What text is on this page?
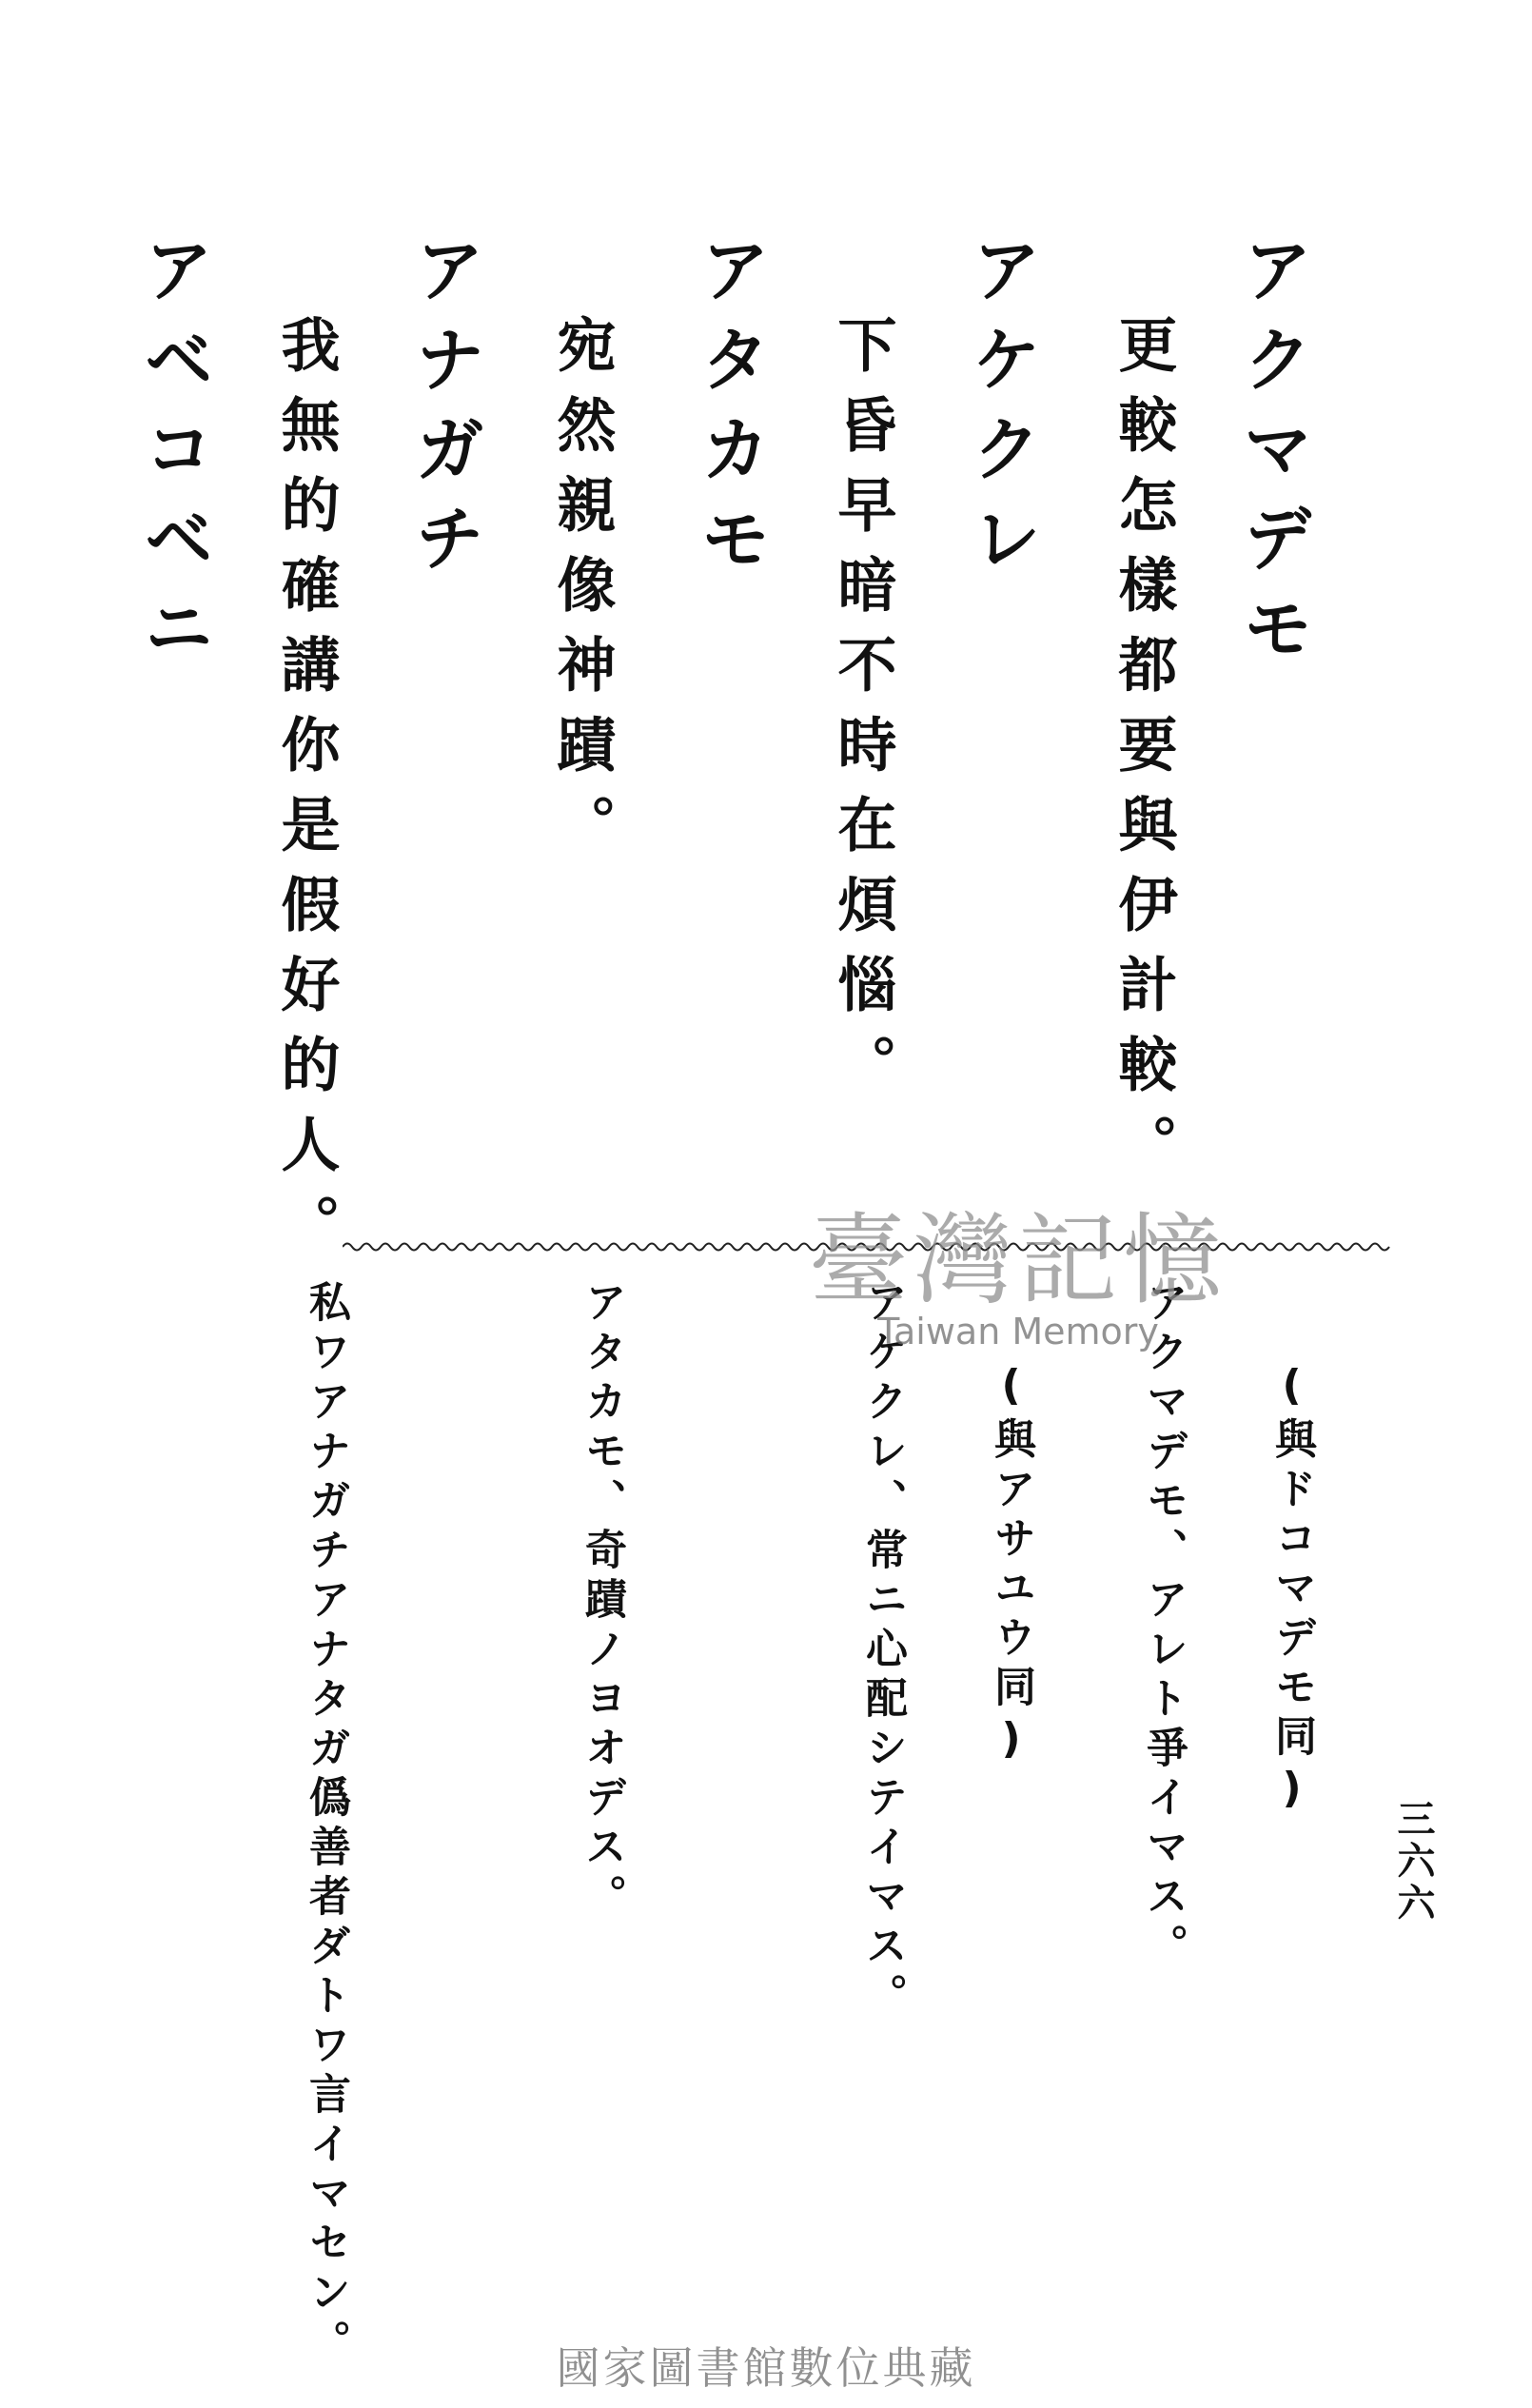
アクマデモ
更較怎樣都要與伊計較。
アケクレ
下昏早暗不時在煩惱。
アタカモ
宛然親像神蹟。
アナガチ
我無的確講你是假好的人。
アベコベニ
(與ドコマデモ同)
アクマデモ、アレト爭イマス。
(與アサユウ同)
アケクレ、常ニ心配シテイマス。
アタカモ、奇蹟ノヨオデス。
私ワアナガチアナタガ僞善者ダトワ言イマセン。	三六六
臺灣記憶
Taiwan Memory
國家圖書館數位典藏
